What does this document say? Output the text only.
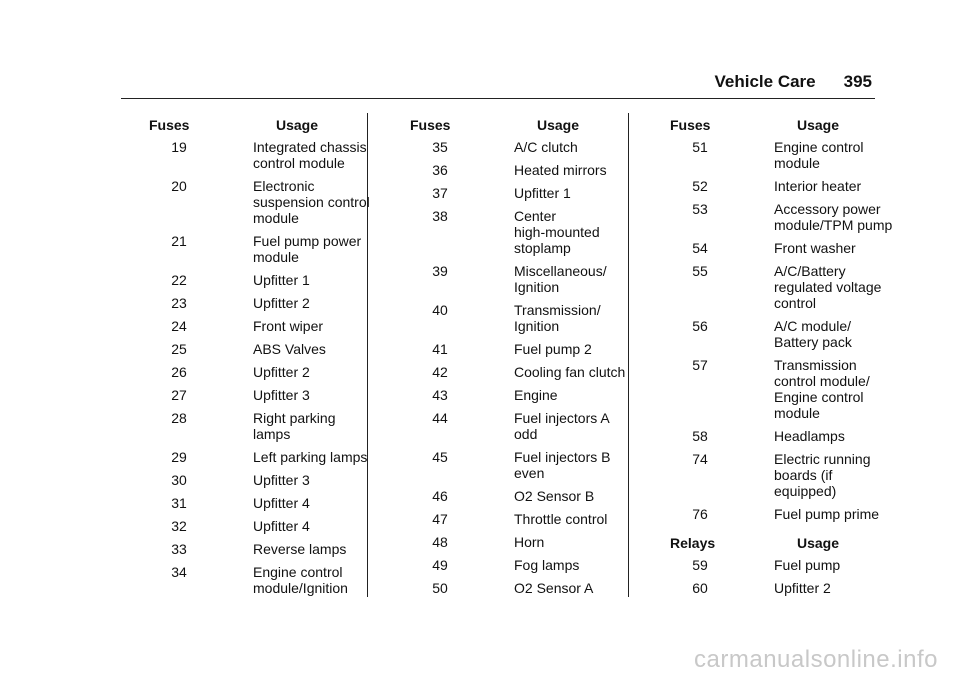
Vehicle Care 395
Fuses	Usage
19	Integrated chassis
control module
20	Electronic
suspension control
module
21	Fuel pump power
module
22	Upfitter 1
23	Upfitter 2
24	Front wiper
25	ABS Valves
26	Upfitter 2
27	Upfitter 3
28	Right parking
lamps
29	Left parking lamps
30	Upfitter 3
31	Upfitter 4
32	Upfitter 4
33	Reverse lamps
34	Engine control
module/Ignition
Fuses	Usage
35	A/C clutch
36	Heated mirrors
37	Upfitter 1
38	Center
high-mounted
stoplamp
39	Miscellaneous/
Ignition
40	Transmission/
Ignition
41	Fuel pump 2
42	Cooling fan clutch
43	Engine
44	Fuel injectors A
odd
45	Fuel injectors B
even
46	O2 Sensor B
47	Throttle control
48	Horn
49	Fog lamps
50	O2 Sensor A
Fuses	Usage
51	Engine control
module
52	Interior heater
53	Accessory power
module/TPM pump
54	Front washer
55	A/C/Battery
regulated voltage
control
56	A/C module/
Battery pack
57	Transmission
control module/
Engine control
module
58	Headlamps
74	Electric running
boards (if
equipped)
76	Fuel pump prime
Relays	Usage
59	Fuel pump
60	Upfitter 2
carmanualsonline.info
